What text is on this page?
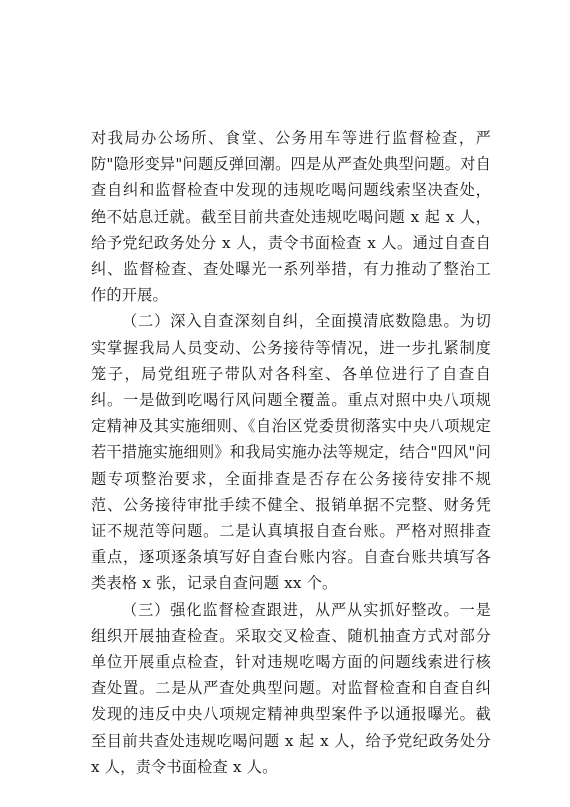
对我局办公场所、食堂、公务用车等进行监督检查，严防"隐形变异"问题反弹回潮。四是从严查处典型问题。对自查自纠和监督检查中发现的违规吃喝问题线索坚决查处，绝不姑息迁就。截至目前共查处违规吃喝问题 x 起 x 人，给予党纪政务处分 x 人，责令书面检查 x 人。通过自查自纠、监督检查、查处曝光一系列举措，有力推动了整治工作的开展。

（二）深入自查深刻自纠，全面摸清底数隐患。为切实掌握我局人员变动、公务接待等情况，进一步扎紧制度笼子，局党组班子带队对各科室、各单位进行了自查自纠。一是做到吃喝行风问题全覆盖。重点对照中央八项规定精神及其实施细则、《自治区党委贯彻落实中央八项规定若干措施实施细则》和我局实施办法等规定，结合"四风"问题专项整治要求，全面排查是否存在公务接待安排不规范、公务接待审批手续不健全、报销单据不完整、财务凭证不规范等问题。二是认真填报自查台账。严格对照排查重点，逐项逐条填写好自查台账内容。自查台账共填写各类表格 x 张，记录自查问题 xx 个。

（三）强化监督检查跟进，从严从实抓好整改。一是组织开展抽查检查。采取交叉检查、随机抽查方式对部分单位开展重点检查，针对违规吃喝方面的问题线索进行核查处置。二是从严查处典型问题。对监督检查和自查自纠发现的违反中央八项规定精神典型案件予以通报曝光。截至目前共查处违规吃喝问题 x 起 x 人，给予党纪政务处分 x 人，责令书面检查 x 人。
